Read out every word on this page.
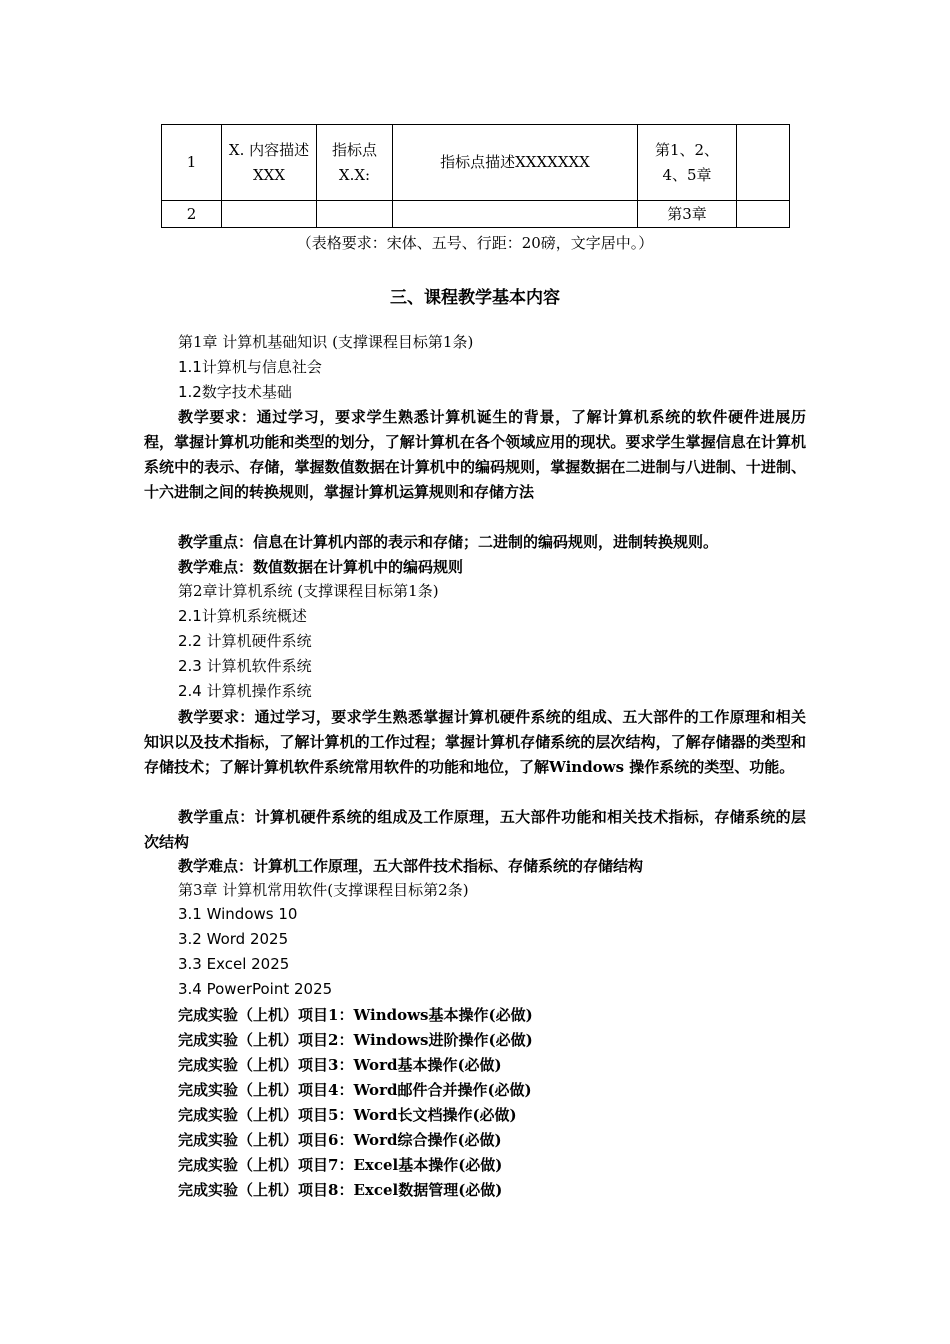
1	X. 内容描述XXX	指标点X.X:	指标点描述XXXXXXX	第1、2、4、5章	
2				第3章	
（表格要求：宋体、五号、行距：20磅，文字居中。）
三、课程教学基本内容
第1章 计算机基础知识 (支撑课程目标第1条)
1.1计算机与信息社会
1.2数字技术基础
教学要求：通过学习，要求学生熟悉计算机诞生的背景，了解计算机系统的软件硬件进展历程，掌握计算机功能和类型的划分，了解计算机在各个领域应用的现状。要求学生掌握信息在计算机系统中的表示、存储，掌握数值数据在计算机中的编码规则，掌握数据在二进制与八进制、十进制、十六进制之间的转换规则，掌握计算机运算规则和存储方法
教学重点：信息在计算机内部的表示和存储；二进制的编码规则，进制转换规则。
教学难点：数值数据在计算机中的编码规则
第2章计算机系统 (支撑课程目标第1条)
2.1计算机系统概述
2.2 计算机硬件系统
2.3 计算机软件系统
2.4 计算机操作系统
教学要求：通过学习，要求学生熟悉掌握计算机硬件系统的组成、五大部件的工作原理和相关知识以及技术指标，了解计算机的工作过程；掌握计算机存储系统的层次结构，了解存储器的类型和存储技术；了解计算机软件系统常用软件的功能和地位，了解Windows 操作系统的类型、功能。
教学重点：计算机硬件系统的组成及工作原理，五大部件功能和相关技术指标，存储系统的层次结构
教学难点：计算机工作原理，五大部件技术指标、存储系统的存储结构
第3章 计算机常用软件(支撑课程目标第2条)
3.1 Windows 10
3.2 Word 2025
3.3 Excel 2025
3.4 PowerPoint 2025
完成实验（上机）项目1：Windows基本操作(必做)
完成实验（上机）项目2：Windows进阶操作(必做)
完成实验（上机）项目3：Word基本操作(必做)
完成实验（上机）项目4：Word邮件合并操作(必做)
完成实验（上机）项目5：Word长文档操作(必做)
完成实验（上机）项目6：Word综合操作(必做)
完成实验（上机）项目7：Excel基本操作(必做)
完成实验（上机）项目8：Excel数据管理(必做)
